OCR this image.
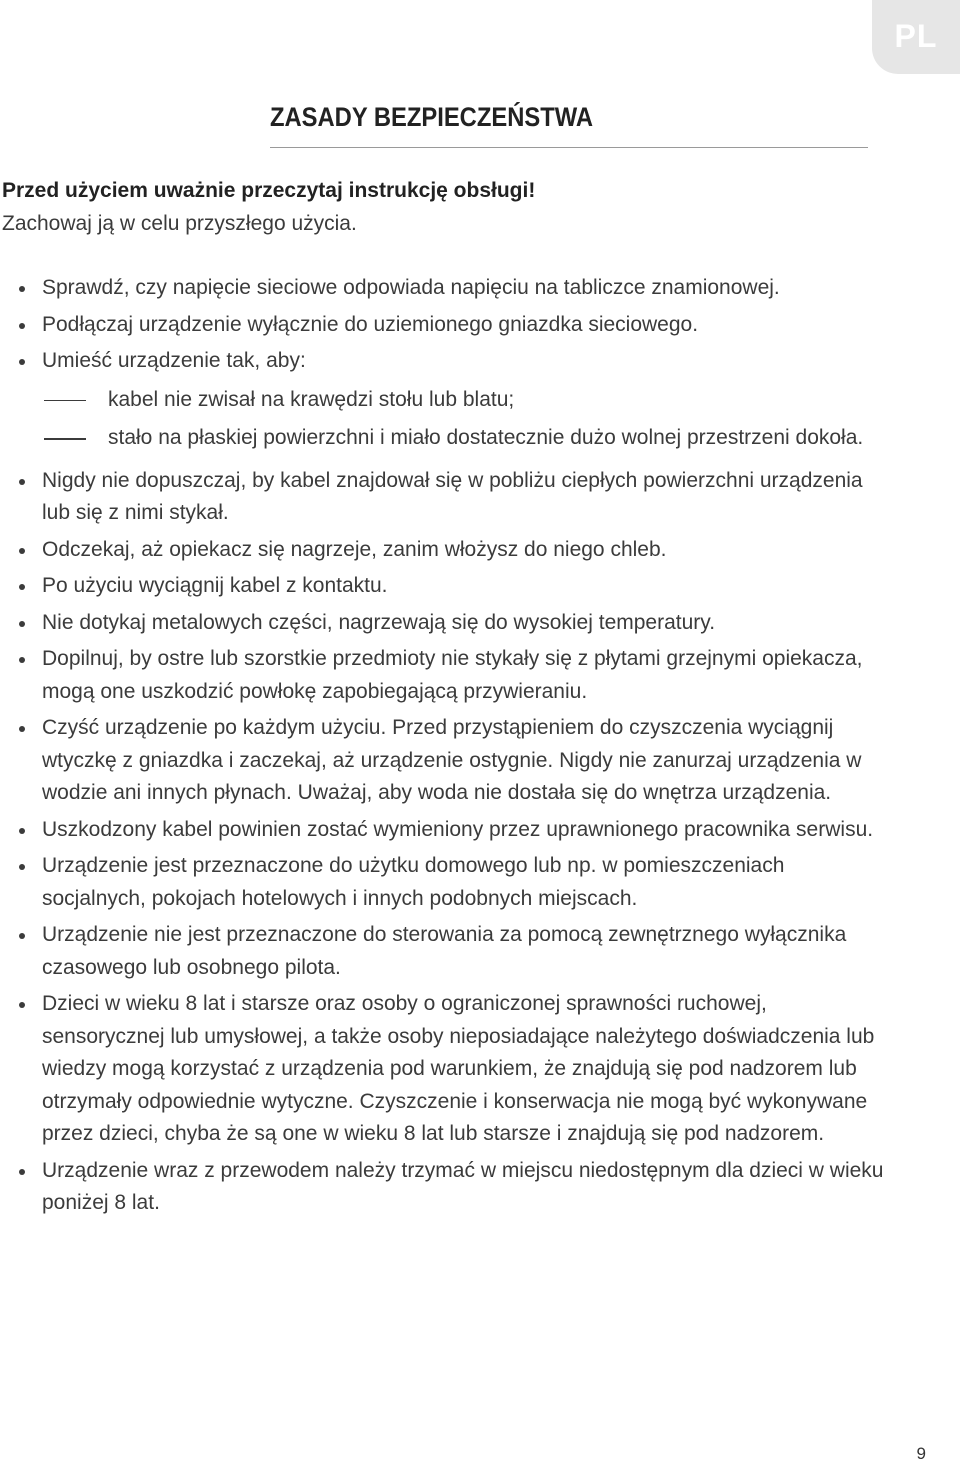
PL
ZASADY BEZPIECZEŃSTWA
Przed użyciem uważnie przeczytaj instrukcję obsługi!
Zachowaj ją w celu przyszłego użycia.
Sprawdź, czy napięcie sieciowe odpowiada napięciu na tabliczce znamionowej.
Podłączaj urządzenie wyłącznie do uziemionego gniazdka sieciowego.
Umieść urządzenie tak, aby:
kabel nie zwisał na krawędzi stołu lub blatu;
stało na płaskiej powierzchni i miało dostatecznie dużo wolnej przestrzeni dokoła.
Nigdy nie dopuszczaj, by kabel znajdował się w pobliżu ciepłych powierzchni urządzenia lub się z nimi stykał.
Odczekaj, aż opiekacz się nagrzeje, zanim włożysz do niego chleb.
Po użyciu wyciągnij kabel z kontaktu.
Nie dotykaj metalowych części, nagrzewają się do wysokiej temperatury.
Dopilnuj, by ostre lub szorstkie przedmioty nie stykały się z płytami grzejnymi opiekacza, mogą one uszkodzić powłokę zapobiegającą przywieraniu.
Czyść urządzenie po każdym użyciu. Przed przystąpieniem do czyszczenia wyciągnij wtyczkę z gniazdka i zaczekaj, aż urządzenie ostygnie. Nigdy nie zanurzaj urządzenia w wodzie ani innych płynach. Uważaj, aby woda nie dostała się do wnętrza urządzenia.
Uszkodzony kabel powinien zostać wymieniony przez uprawnionego pracownika serwisu.
Urządzenie jest przeznaczone do użytku domowego lub np. w pomieszczeniach socjalnych, pokojach hotelowych i innych podobnych miejscach.
Urządzenie nie jest przeznaczone do sterowania za pomocą zewnętrznego wyłącznika czasowego lub osobnego pilota.
Dzieci w wieku 8 lat i starsze oraz osoby o ograniczonej sprawności ruchowej, sensorycznej lub umysłowej, a także osoby nieposiadające należytego doświadczenia lub wiedzy mogą korzystać z urządzenia pod warunkiem, że znajdują się pod nadzorem lub otrzymały odpowiednie wytyczne. Czyszczenie i konserwacja nie mogą być wykonywane przez dzieci, chyba że są one w wieku 8 lat lub starsze i znajdują się pod nadzorem.
Urządzenie wraz z przewodem należy trzymać w miejscu niedostępnym dla dzieci w wieku poniżej 8 lat.
9
